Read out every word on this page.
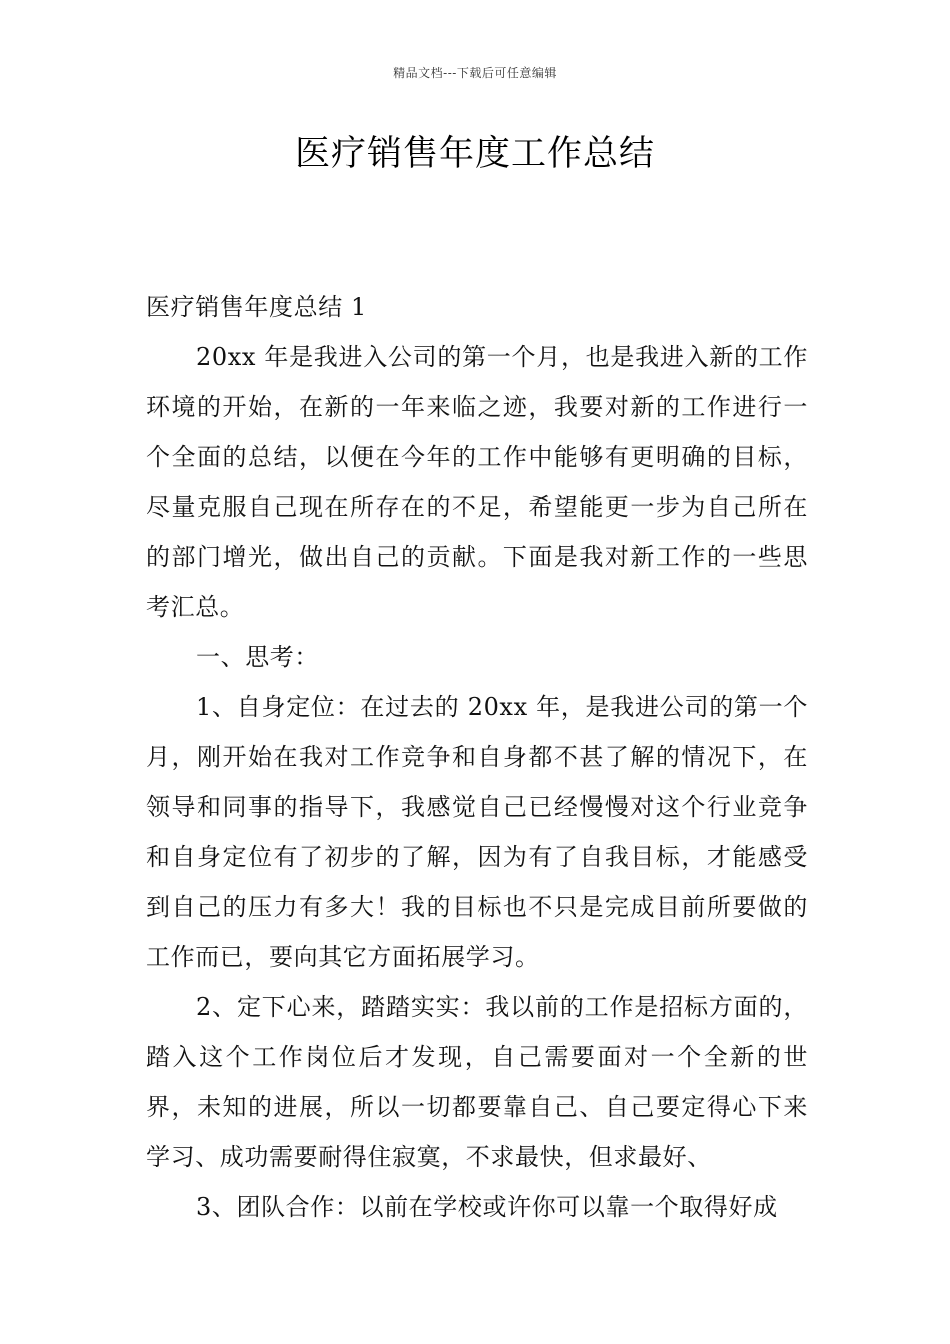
精品文档---下载后可任意编辑
医疗销售年度工作总结

医疗销售年度总结 1

20xx 年是我进入公司的第一个月，也是我进入新的工作环境的开始，在新的一年来临之迹，我要对新的工作进行一个全面的总结，以便在今年的工作中能够有更明确的目标，尽量克服自己现在所存在的不足，希望能更一步为自己所在的部门增光，做出自己的贡献。下面是我对新工作的一些思考汇总。

一、思考：

1、自身定位：在过去的 20xx 年，是我进公司的第一个月，刚开始在我对工作竞争和自身都不甚了解的情况下，在领导和同事的指导下，我感觉自己已经慢慢对这个行业竞争和自身定位有了初步的了解，因为有了自我目标，才能感受到自己的压力有多大！我的目标也不只是完成目前所要做的工作而已，要向其它方面拓展学习。

2、定下心来，踏踏实实：我以前的工作是招标方面的，踏入这个工作岗位后才发现，自己需要面对一个全新的世界，未知的进展，所以一切都要靠自己、自己要定得心下来学习、成功需要耐得住寂寞，不求最快，但求最好、

3、团队合作：以前在学校或许你可以靠一个取得好成
